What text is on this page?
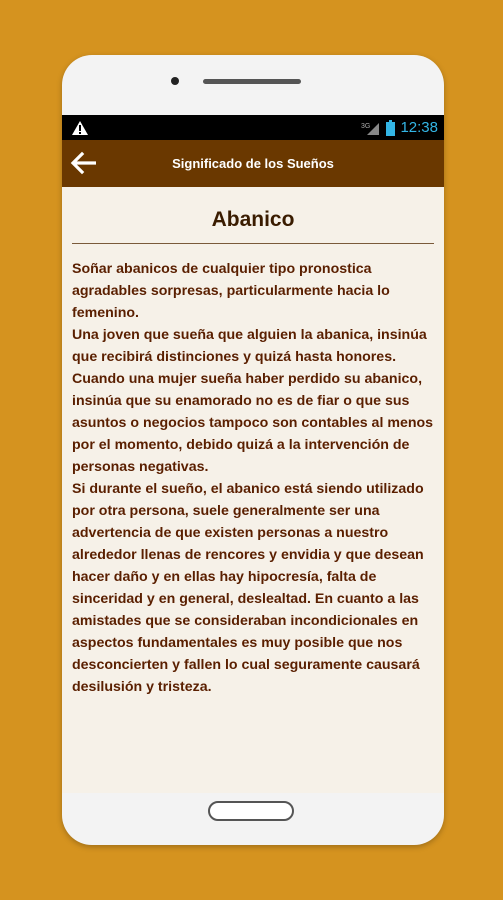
3G 12:38
Significado de los Sueños
Abanico
Soñar abanicos de cualquier tipo pronostica agradables sorpresas, particularmente hacia lo femenino.
Una joven que sueña que alguien la abanica, insinúa que recibirá distinciones y quizá hasta honores.
Cuando una mujer sueña haber perdido su abanico, insinúa que su enamorado no es de fiar o que sus asuntos o negocios tampoco son contables al menos por el momento, debido quizá a la intervención de personas negativas.
Si durante el sueño, el abanico está siendo utilizado por otra persona, suele generalmente ser una advertencia de que existen personas a nuestro alrededor llenas de rencores y envidia y que desean hacer daño y en ellas hay hipocresía, falta de sinceridad y en general, deslealtad. En cuanto a las amistades que se consideraban incondicionales en aspectos fundamentales es muy posible que nos desconcierten y fallen lo cual seguramente causará desilusión y tristeza.
